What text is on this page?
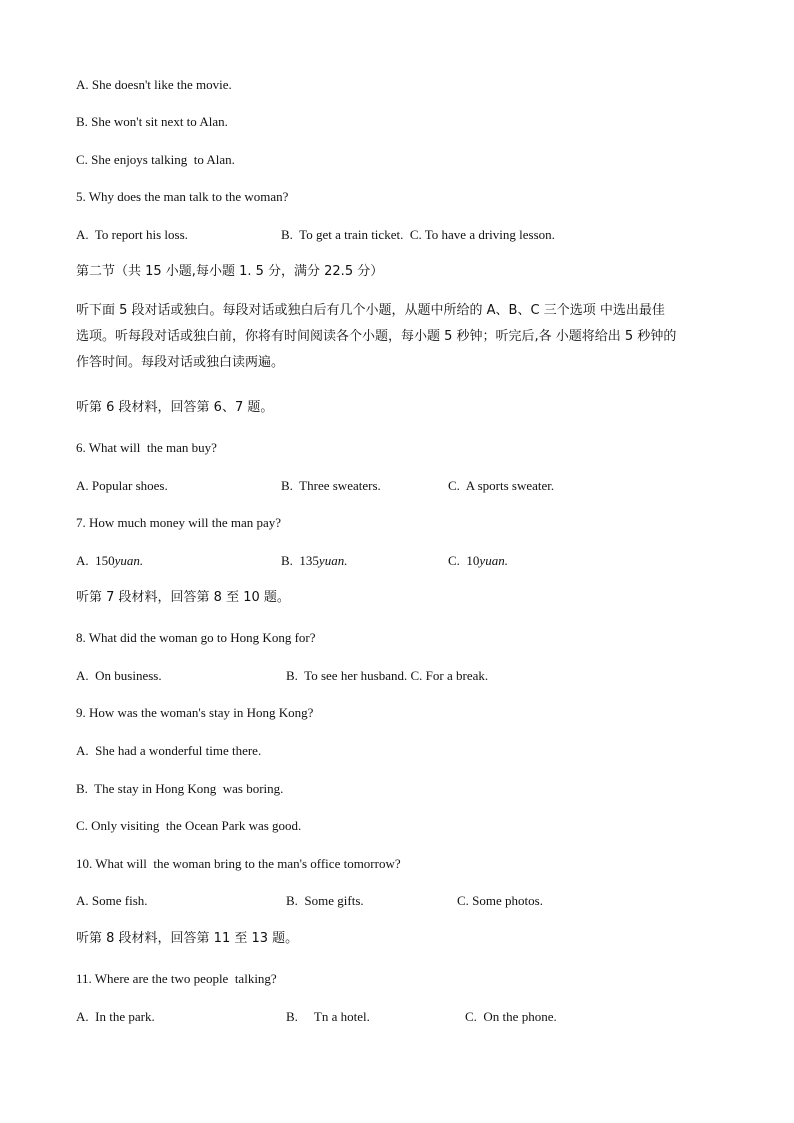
A. She doesn't like the movie.
B. She won't sit next to Alan.
C. She enjoys talking  to Alan.
5. Why does the man talk to the woman?
A.  To report his loss.	B.  To get a train ticket.  C. To have a driving lesson.
第二节（共 15 小题,每小题 1. 5 分，满分 22.5 分）
听下面 5 段对话或独白。每段对话或独白后有几个小题，从题中所给的 A、B、C 三个选项 中选出最佳
选项。听每段对话或独白前，你将有时间阅读各个小题，每小题 5 秒钟；听完后,各 小题将给出 5 秒钟的
作答时间。每段对话或独白读两遍。
听第 6 段材料，回答第 6、7 题。
6. What will  the man buy?
A. Popular shoes.	B.  Three sweaters.	C.  A sports sweater.
7. How much money will the man pay?
A.  150yuan.	B.  135yuan.	C.  10yuan.
听第 7 段材料，回答第 8 至 10 题。
8. What did the woman go to Hong Kong for?
A.  On business.	B.  To see her husband. C. For a break.
9. How was the woman's stay in Hong Kong?
A.  She had a wonderful time there.
B.  The stay in Hong Kong  was boring.
C. Only visiting  the Ocean Park was good.
10. What will  the woman bring to the man's office tomorrow?
A. Some fish.	B.  Some gifts.	C. Some photos.
听第 8 段材料，回答第 11 至 13 题。
11. Where are the two people  talking?
A.  In the park.	B.     Tn a hotel.	C.  On the phone.
